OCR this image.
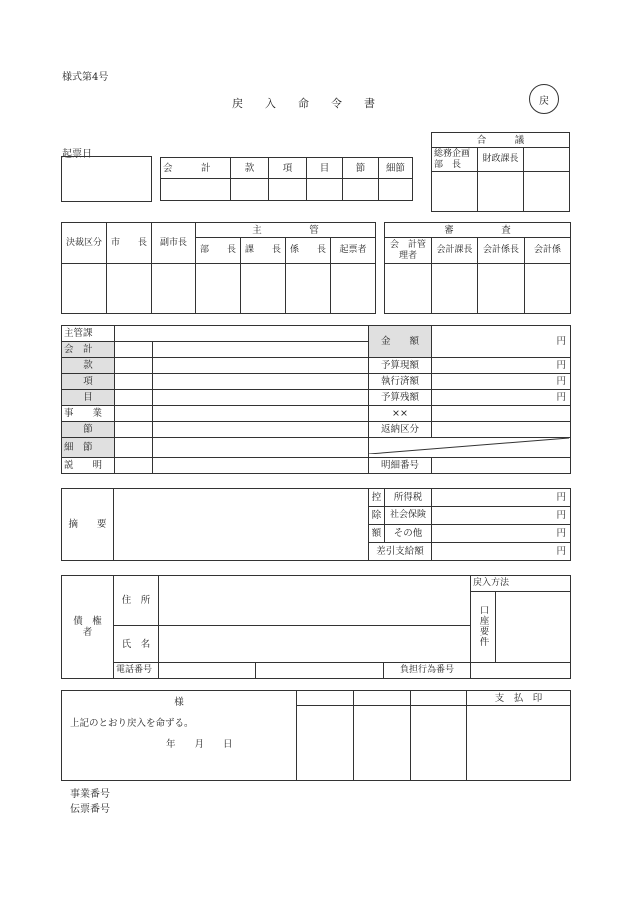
様式第4号
戻　　入　　命　　令　　書	戻
起票日
会　　　計	款	項	目	節	細節

合　　　議		
総務企画部　長	財政課長	

決裁区分	市　　長	副市長	主　　　　　管			
			部　　長	課　　長	係　　長	起票者

審　　　　　査			
会　計管理者	会計課長	会計係長	会計係

主管課			金　　額	円
会　計				
款			予算現額	円
項			執行済額	円
目			予算残額	円
事　　業			××	
節			返納区分	
細　節			
説　　明			明細番号	
摘　　要		控	所得税	円
		除	社会保険	円
		額	その他	円
		差引支給額		円
債　権　者	住　所				戻入方法
					口座要件	
	氏　名					
	電話番号			負担行為番号		
様
上記のとおり戻入を命ずる。
年　　月　　日				支　払　印

事業番号
伝票番号
